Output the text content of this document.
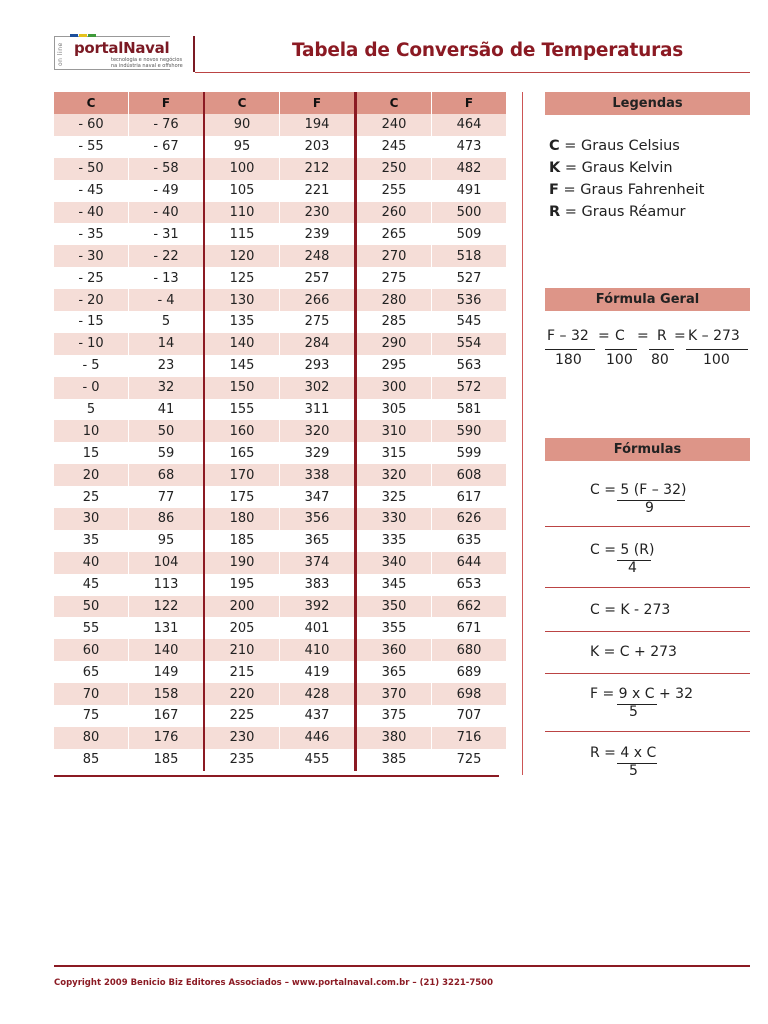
on line portalNaval
tecnologia e novos negócios
na indústria naval e offshore
Tabela de Conversão de Temperaturas
C	F	C	F	C	F
- 60	- 76	90	194	240	464
- 55	- 67	95	203	245	473
- 50	- 58	100	212	250	482
- 45	- 49	105	221	255	491
- 40	- 40	110	230	260	500
- 35	- 31	115	239	265	509
- 30	- 22	120	248	270	518
- 25	- 13	125	257	275	527
- 20	- 4	130	266	280	536
- 15	5	135	275	285	545
- 10	14	140	284	290	554
- 5	23	145	293	295	563
- 0	32	150	302	300	572
5	41	155	311	305	581
10	50	160	320	310	590
15	59	165	329	315	599
20	68	170	338	320	608
25	77	175	347	325	617
30	86	180	356	330	626
35	95	185	365	335	635
40	104	190	374	340	644
45	113	195	383	345	653
50	122	200	392	350	662
55	131	205	401	355	671
60	140	210	410	360	680
65	149	215	419	365	689
70	158	220	428	370	698
75	167	225	437	375	707
80	176	230	446	380	716
85	185	235	455	385	725
Legendas
C = Graus Celsius
K = Graus Kelvin
F = Graus Fahrenheit
R = Graus Réamur
Fórmula Geral
F – 32
180
= C
100
= R
80
= K – 273
100
Fórmulas
C = 5 (F – 32)
9
C = 5 (R)
4
C = K - 273
K = C + 273
F = 9 x C + 32
5
R = 4 x C
5
Copyright 2009 Benicio Biz Editores Associados – www.portalnaval.com.br – (21) 3221-7500
